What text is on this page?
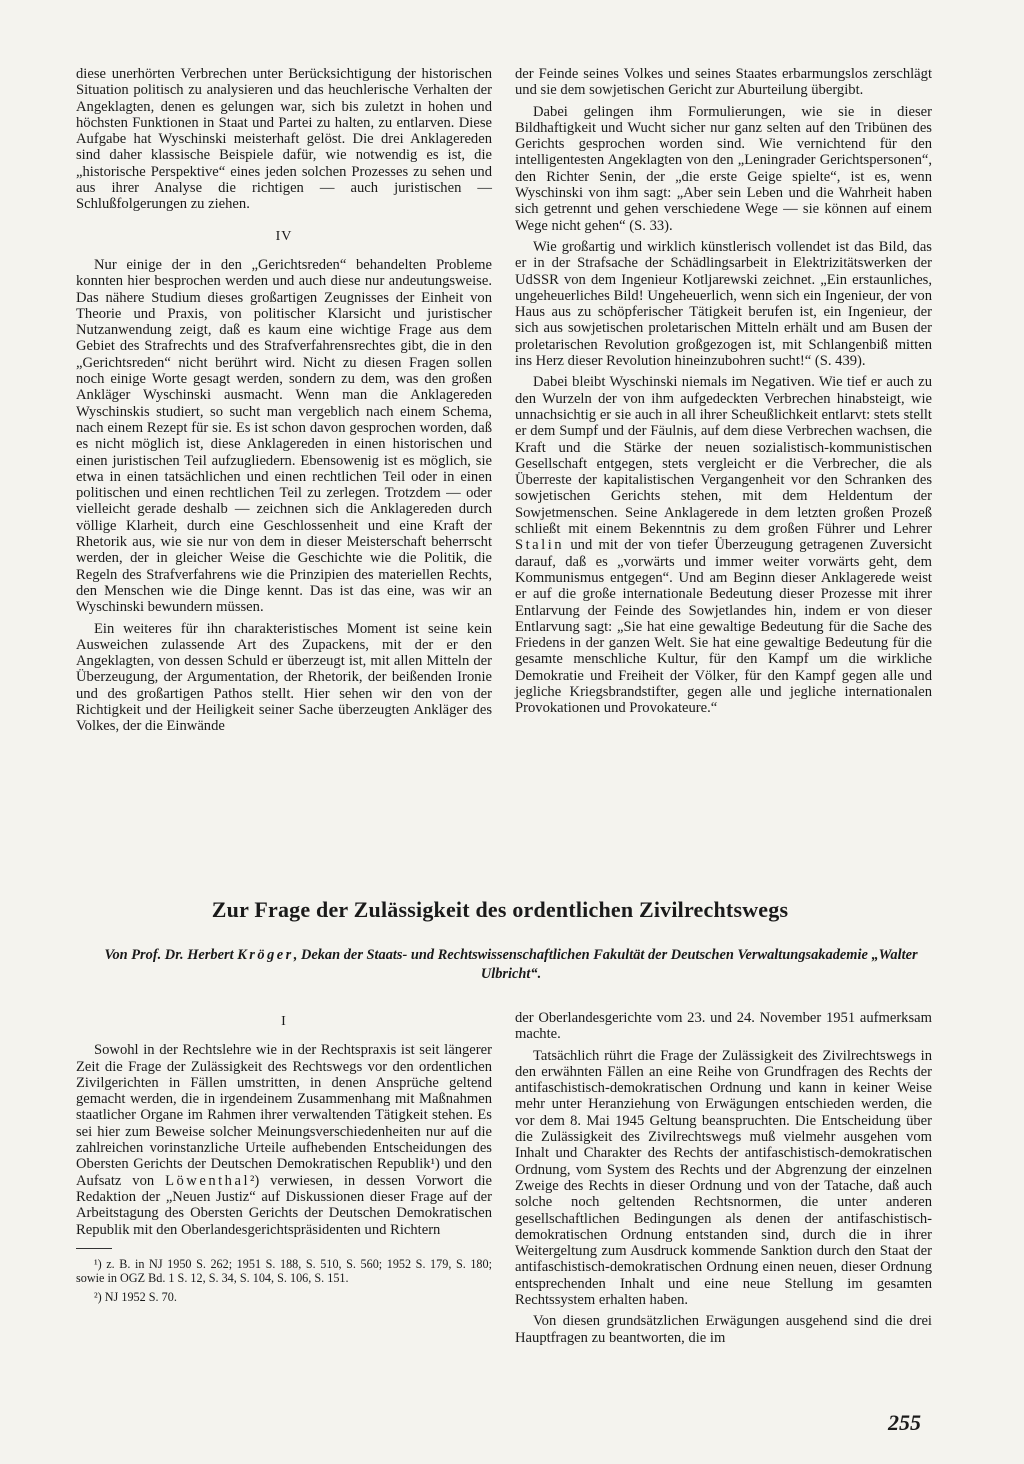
diese unerhörten Verbrechen unter Berücksichtigung der historischen Situation politisch zu analysieren und das heuchlerische Verhalten der Angeklagten, denen es gelungen war, sich bis zuletzt in hohen und höchsten Funktionen in Staat und Partei zu halten, zu entlarven. Diese Aufgabe hat Wyschinski meisterhaft gelöst. Die drei Anklagereden sind daher klassische Beispiele dafür, wie notwendig es ist, die „historische Perspektive“ eines jeden solchen Prozesses zu sehen und aus ihrer Analyse die richtigen — auch juristischen — Schlußfolgerungen zu ziehen.

IV

Nur einige der in den „Gerichtsreden“ behandelten Probleme konnten hier besprochen werden und auch diese nur andeutungsweise. Das nähere Studium dieses großartigen Zeugnisses der Einheit von Theorie und Praxis, von politischer Klarsicht und juristischer Nutzanwendung zeigt, daß es kaum eine wichtige Frage aus dem Gebiet des Strafrechts und des Strafverfahrensrechtes gibt, die in den „Gerichtsreden“ nicht berührt wird. Nicht zu diesen Fragen sollen noch einige Worte gesagt werden, sondern zu dem, was den großen Ankläger Wyschinski ausmacht. Wenn man die Anklagereden Wyschinskis studiert, so sucht man vergeblich nach einem Schema, nach einem Rezept für sie. Es ist schon davon gesprochen worden, daß es nicht möglich ist, diese Anklagereden in einen historischen und einen juristischen Teil aufzugliedern. Ebensowenig ist es möglich, sie etwa in einen tatsächlichen und einen rechtlichen Teil oder in einen politischen und einen rechtlichen Teil zu zerlegen. Trotzdem — oder vielleicht gerade deshalb — zeichnen sich die Anklagereden durch völlige Klarheit, durch eine Geschlossenheit und eine Kraft der Rhetorik aus, wie sie nur von dem in dieser Meisterschaft beherrscht werden, der in gleicher Weise die Geschichte wie die Politik, die Regeln des Strafverfahrens wie die Prinzipien des materiellen Rechts, den Menschen wie die Dinge kennt. Das ist das eine, was wir an Wyschinski bewundern müssen.

Ein weiteres für ihn charakteristisches Moment ist seine kein Ausweichen zulassende Art des Zupackens, mit der er den Angeklagten, von dessen Schuld er überzeugt ist, mit allen Mitteln der Überzeugung, der Argumentation, der Rhetorik, der beißenden Ironie und des großartigen Pathos stellt. Hier sehen wir den von der Richtigkeit und der Heiligkeit seiner Sache überzeugten Ankläger des Volkes, der die Einwände

der Feinde seines Volkes und seines Staates erbarmungslos zerschlägt und sie dem sowjetischen Gericht zur Aburteilung übergibt.

Dabei gelingen ihm Formulierungen, wie sie in dieser Bildhaftigkeit und Wucht sicher nur ganz selten auf den Tribünen des Gerichts gesprochen worden sind. Wie vernichtend für den intelligentesten Angeklagten von den „Leningrader Gerichtspersonen“, den Richter Senin, der „die erste Geige spielte“, ist es, wenn Wyschinski von ihm sagt: „Aber sein Leben und die Wahrheit haben sich getrennt und gehen verschiedene Wege — sie können auf einem Wege nicht gehen“ (S. 33).

Wie großartig und wirklich künstlerisch vollendet ist das Bild, das er in der Strafsache der Schädlingsarbeit in Elektrizitätswerken der UdSSR von dem Ingenieur Kotljarewski zeichnet. „Ein erstaunliches, ungeheuerliches Bild! Ungeheuerlich, wenn sich ein Ingenieur, der von Haus aus zu schöpferischer Tätigkeit berufen ist, ein Ingenieur, der sich aus sowjetischen proletarischen Mitteln erhält und am Busen der proletarischen Revolution großgezogen ist, mit Schlangenbiß mitten ins Herz dieser Revolution hineinzubohren sucht!“ (S. 439).

Dabei bleibt Wyschinski niemals im Negativen. Wie tief er auch zu den Wurzeln der von ihm aufgedeckten Verbrechen hinabsteigt, wie unnachsichtig er sie auch in all ihrer Scheußlichkeit entlarvt: stets stellt er dem Sumpf und der Fäulnis, auf dem diese Verbrechen wachsen, die Kraft und die Stärke der neuen sozialistisch-kommunistischen Gesellschaft entgegen, stets vergleicht er die Verbrecher, die als Überreste der kapitalistischen Vergangenheit vor den Schranken des sowjetischen Gerichts stehen, mit dem Heldentum der Sowjetmenschen. Seine Anklagerede in dem letzten großen Prozeß schließt mit einem Bekenntnis zu dem großen Führer und Lehrer Stalin und mit der von tiefer Überzeugung getragenen Zuversicht darauf, daß es „vorwärts und immer weiter vorwärts geht, dem Kommunismus entgegen“. Und am Beginn dieser Anklagerede weist er auf die große internationale Bedeutung dieser Prozesse mit ihrer Entlarvung der Feinde des Sowjetlandes hin, indem er von dieser Entlarvung sagt: „Sie hat eine gewaltige Bedeutung für die Sache des Friedens in der ganzen Welt. Sie hat eine gewaltige Bedeutung für die gesamte menschliche Kultur, für den Kampf um die wirkliche Demokratie und Freiheit der Völker, für den Kampf gegen alle und jegliche Kriegsbrandstifter, gegen alle und jegliche internationalen Provokationen und Provokateure.“

Zur Frage der Zulässigkeit des ordentlichen Zivilrechtswegs
Von Prof. Dr. Herbert Kröger, Dekan der Staats- und Rechtswissenschaftlichen Fakultät der Deutschen Verwaltungsakademie „Walter Ulbricht“.
I

Sowohl in der Rechtslehre wie in der Rechtspraxis ist seit längerer Zeit die Frage der Zulässigkeit des Rechtswegs vor den ordentlichen Zivilgerichten in Fällen umstritten, in denen Ansprüche geltend gemacht werden, die in irgendeinem Zusammenhang mit Maßnahmen staatlicher Organe im Rahmen ihrer verwaltenden Tätigkeit stehen. Es sei hier zum Beweise solcher Meinungsverschiedenheiten nur auf die zahlreichen vorinstanzliche Urteile aufhebenden Entscheidungen des Obersten Gerichts der Deutschen Demokratischen Republik¹) und den Aufsatz von Löwenthal²) verwiesen, in dessen Vorwort die Redaktion der „Neuen Justiz“ auf Diskussionen dieser Frage auf der Arbeitstagung des Obersten Gerichts der Deutschen Demokratischen Republik mit den Oberlandesgerichtspräsidenten und Richtern

¹) z. B. in NJ 1950 S. 262; 1951 S. 188, S. 510, S. 560; 1952 S. 179, S. 180; sowie in OGZ Bd. 1 S. 12, S. 34, S. 104, S. 106, S. 151.

²) NJ 1952 S. 70.

der Oberlandesgerichte vom 23. und 24. November 1951 aufmerksam machte.

Tatsächlich rührt die Frage der Zulässigkeit des Zivilrechtswegs in den erwähnten Fällen an eine Reihe von Grundfragen des Rechts der antifaschistisch-demokratischen Ordnung und kann in keiner Weise mehr unter Heranziehung von Erwägungen entschieden werden, die vor dem 8. Mai 1945 Geltung beanspruchten. Die Entscheidung über die Zulässigkeit des Zivilrechtswegs muß vielmehr ausgehen vom Inhalt und Charakter des Rechts der antifaschistisch-demokratischen Ordnung, vom System des Rechts und der Abgrenzung der einzelnen Zweige des Rechts in dieser Ordnung und von der Tatache, daß auch solche noch geltenden Rechtsnormen, die unter anderen gesellschaftlichen Bedingungen als denen der antifaschistisch-demokratischen Ordnung entstanden sind, durch die in ihrer Weitergeltung zum Ausdruck kommende Sanktion durch den Staat der antifaschistisch-demokratischen Ordnung einen neuen, dieser Ordnung entsprechenden Inhalt und eine neue Stellung im gesamten Rechtssystem erhalten haben.

Von diesen grundsätzlichen Erwägungen ausgehend sind die drei Hauptfragen zu beantworten, die im

255
